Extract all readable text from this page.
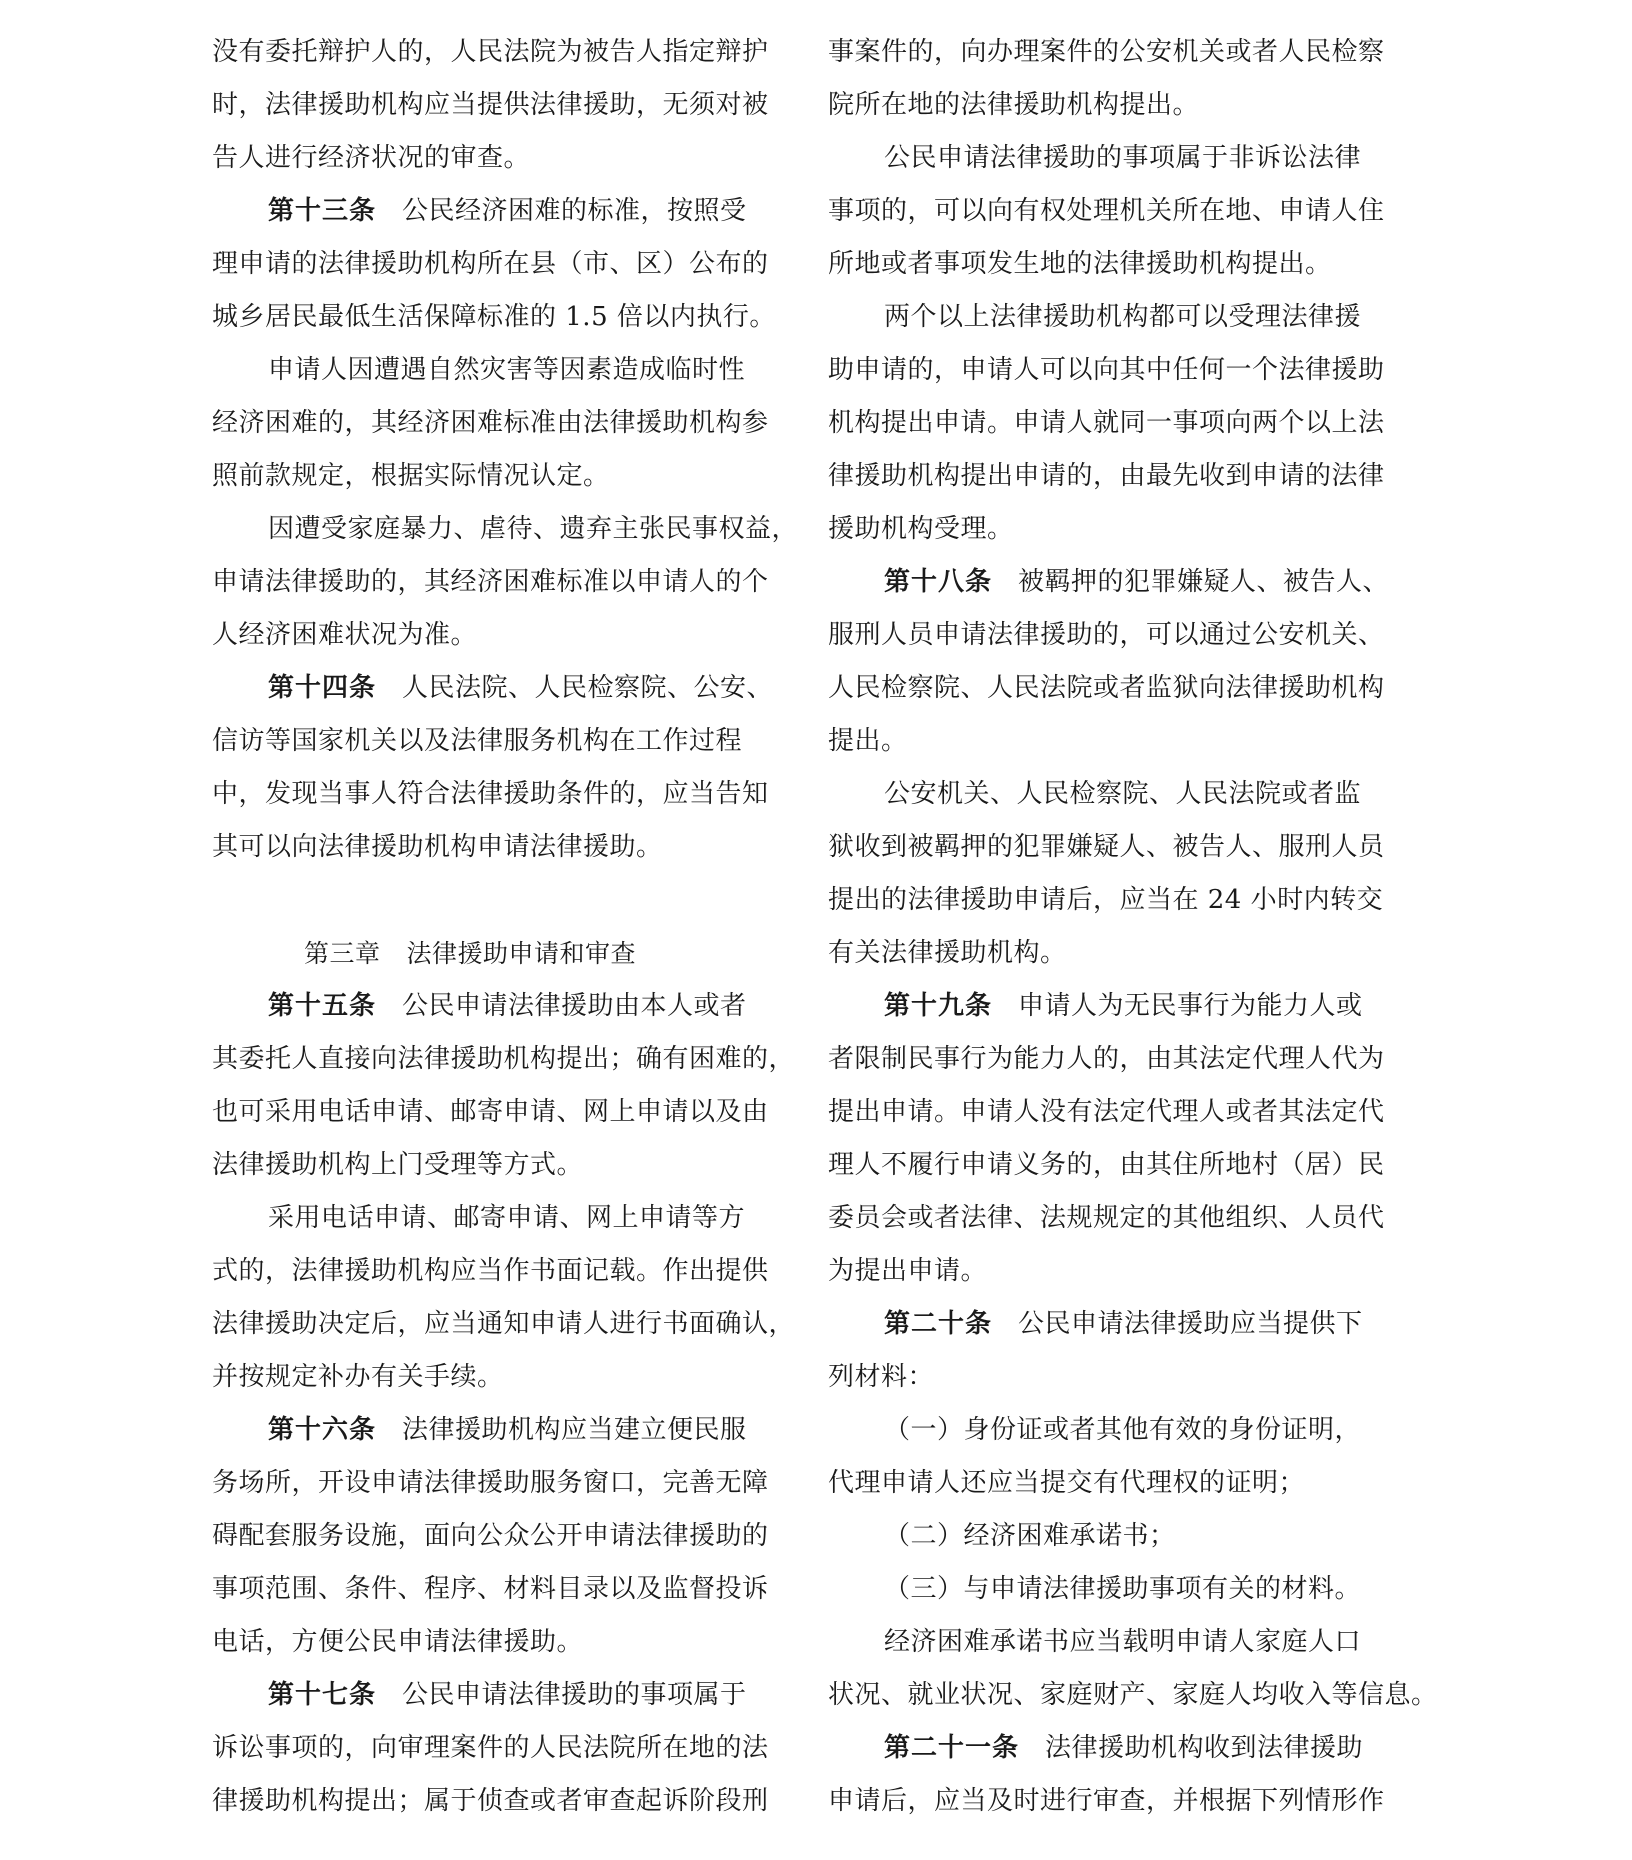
没有委托辩护人的，人民法院为被告人指定辩护
时，法律援助机构应当提供法律援助，无须对被
告人进行经济状况的审查。
第十三条 公民经济困难的标准，按照受
理申请的法律援助机构所在县（市、区）公布的
城乡居民最低生活保障标准的 1.5 倍以内执行。
申请人因遭遇自然灾害等因素造成临时性
经济困难的，其经济困难标准由法律援助机构参
照前款规定，根据实际情况认定。
因遭受家庭暴力、虐待、遗弃主张民事权益，
申请法律援助的，其经济困难标准以申请人的个
人经济困难状况为准。
第十四条 人民法院、人民检察院、公安、
信访等国家机关以及法律服务机构在工作过程
中，发现当事人符合法律援助条件的，应当告知
其可以向法律援助机构申请法律援助。
第三章 法律援助申请和审查
第十五条 公民申请法律援助由本人或者
其委托人直接向法律援助机构提出；确有困难的，
也可采用电话申请、邮寄申请、网上申请以及由
法律援助机构上门受理等方式。
采用电话申请、邮寄申请、网上申请等方
式的，法律援助机构应当作书面记载。作出提供
法律援助决定后，应当通知申请人进行书面确认，
并按规定补办有关手续。
第十六条 法律援助机构应当建立便民服
务场所，开设申请法律援助服务窗口，完善无障
碍配套服务设施，面向公众公开申请法律援助的
事项范围、条件、程序、材料目录以及监督投诉
电话，方便公民申请法律援助。
第十七条 公民申请法律援助的事项属于
诉讼事项的，向审理案件的人民法院所在地的法
律援助机构提出；属于侦查或者审查起诉阶段刑
事案件的，向办理案件的公安机关或者人民检察
院所在地的法律援助机构提出。
公民申请法律援助的事项属于非诉讼法律
事项的，可以向有权处理机关所在地、申请人住
所地或者事项发生地的法律援助机构提出。
两个以上法律援助机构都可以受理法律援
助申请的，申请人可以向其中任何一个法律援助
机构提出申请。申请人就同一事项向两个以上法
律援助机构提出申请的，由最先收到申请的法律
援助机构受理。
第十八条 被羁押的犯罪嫌疑人、被告人、
服刑人员申请法律援助的，可以通过公安机关、
人民检察院、人民法院或者监狱向法律援助机构
提出。
公安机关、人民检察院、人民法院或者监
狱收到被羁押的犯罪嫌疑人、被告人、服刑人员
提出的法律援助申请后，应当在 24 小时内转交
有关法律援助机构。
第十九条 申请人为无民事行为能力人或
者限制民事行为能力人的，由其法定代理人代为
提出申请。申请人没有法定代理人或者其法定代
理人不履行申请义务的，由其住所地村（居）民
委员会或者法律、法规规定的其他组织、人员代
为提出申请。
第二十条 公民申请法律援助应当提供下
列材料：
（一）身份证或者其他有效的身份证明，
代理申请人还应当提交有代理权的证明；
（二）经济困难承诺书；
（三）与申请法律援助事项有关的材料。
经济困难承诺书应当载明申请人家庭人口
状况、就业状况、家庭财产、家庭人均收入等信息。
第二十一条 法律援助机构收到法律援助
申请后，应当及时进行审查，并根据下列情形作
